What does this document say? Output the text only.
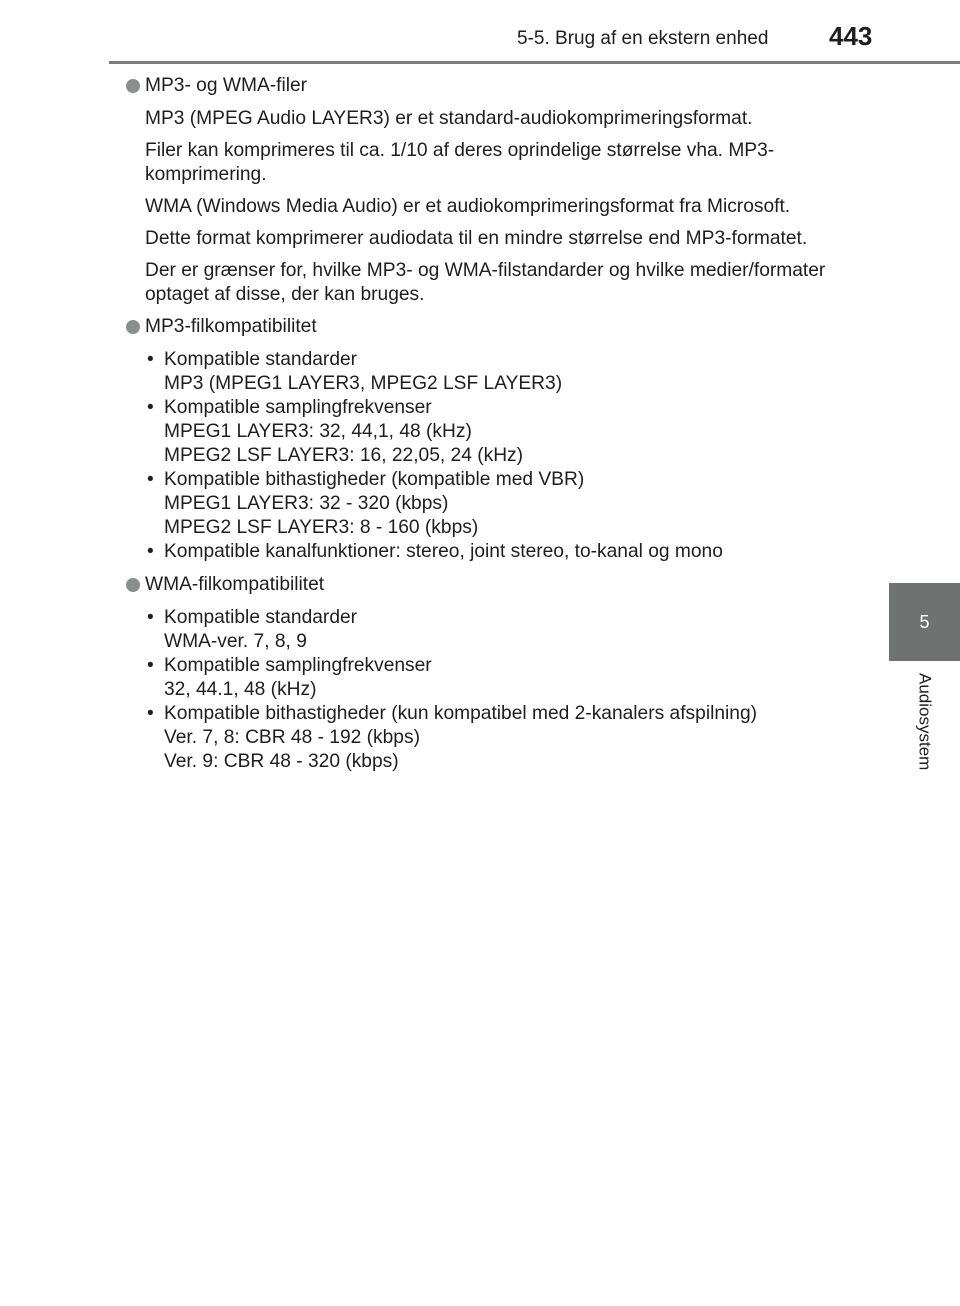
5-5. Brug af en ekstern enhed 443
5
Audiosystem
MP3- og WMA-filer

MP3 (MPEG Audio LAYER3) er et standard-audiokomprimeringsformat.

Filer kan komprimeres til ca. 1/10 af deres oprindelige størrelse vha. MP3-komprimering.

WMA (Windows Media Audio) er et audiokomprimeringsformat fra Microsoft.

Dette format komprimerer audiodata til en mindre størrelse end MP3-formatet.

Der er grænser for, hvilke MP3- og WMA-filstandarder og hvilke medier/formater optaget af disse, der kan bruges.

MP3-filkompatibilitet
• Kompatible standarder
MP3 (MPEG1 LAYER3, MPEG2 LSF LAYER3)
• Kompatible samplingfrekvenser
MPEG1 LAYER3: 32, 44,1, 48 (kHz)
MPEG2 LSF LAYER3: 16, 22,05, 24 (kHz)
• Kompatible bithastigheder (kompatible med VBR)
MPEG1 LAYER3: 32 - 320 (kbps)
MPEG2 LSF LAYER3: 8 - 160 (kbps)
• Kompatible kanalfunktioner: stereo, joint stereo, to-kanal og mono
WMA-filkompatibilitet
• Kompatible standarder
WMA-ver. 7, 8, 9
• Kompatible samplingfrekvenser
32, 44.1, 48 (kHz)
• Kompatible bithastigheder (kun kompatibel med 2-kanalers afspilning)
Ver. 7, 8: CBR 48 - 192 (kbps)
Ver. 9: CBR 48 - 320 (kbps)
